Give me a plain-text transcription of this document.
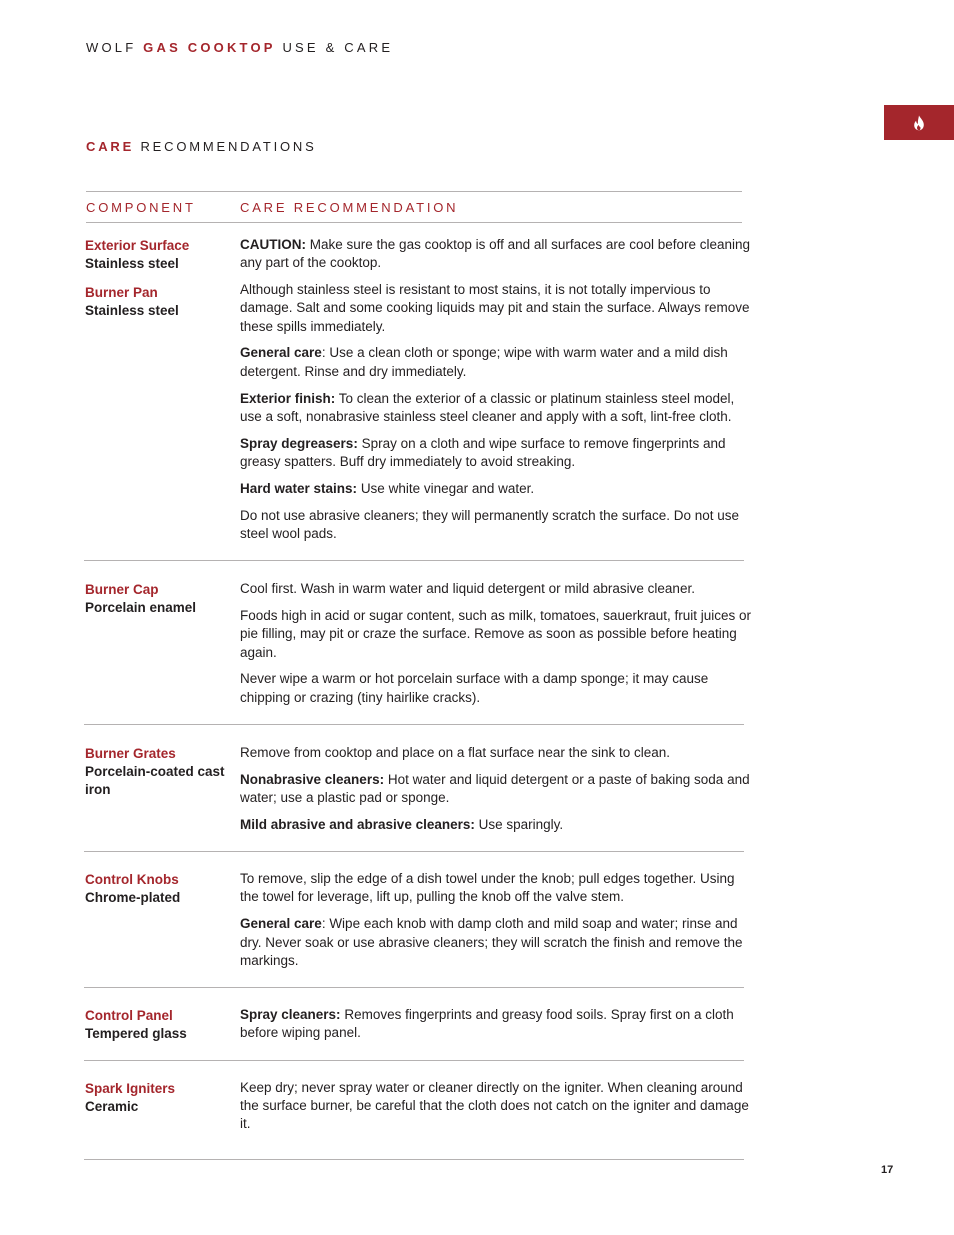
WOLF GAS COOKTOP USE & CARE
CARE RECOMMENDATIONS
COMPONENT	CARE RECOMMENDATION
Exterior Surface
Stainless steel
Burner Pan
Stainless steel

CAUTION: Make sure the gas cooktop is off and all surfaces are cool before cleaning any part of the cooktop.

Although stainless steel is resistant to most stains, it is not totally impervious to damage. Salt and some cooking liquids may pit and stain the surface. Always remove these spills immediately.

General care: Use a clean cloth or sponge; wipe with warm water and a mild dish detergent. Rinse and dry immediately.

Exterior finish: To clean the exterior of a classic or platinum stainless steel model, use a soft, nonabrasive stainless steel cleaner and apply with a soft, lint-free cloth.

Spray degreasers: Spray on a cloth and wipe surface to remove fingerprints and greasy spatters. Buff dry immediately to avoid streaking.

Hard water stains: Use white vinegar and water.

Do not use abrasive cleaners; they will permanently scratch the surface. Do not use steel wool pads.

Burner Cap
Porcelain enamel

Cool first. Wash in warm water and liquid detergent or mild abrasive cleaner.

Foods high in acid or sugar content, such as milk, tomatoes, sauerkraut, fruit juices or pie filling, may pit or craze the surface. Remove as soon as possible before heating again.

Never wipe a warm or hot porcelain surface with a damp sponge; it may cause chipping or crazing (tiny hairlike cracks).

Burner Grates
Porcelain-coated cast iron

Remove from cooktop and place on a flat surface near the sink to clean.

Nonabrasive cleaners: Hot water and liquid detergent or a paste of baking soda and water; use a plastic pad or sponge.

Mild abrasive and abrasive cleaners: Use sparingly.

Control Knobs
Chrome-plated

To remove, slip the edge of a dish towel under the knob; pull edges together. Using the towel for leverage, lift up, pulling the knob off the valve stem.

General care: Wipe each knob with damp cloth and mild soap and water; rinse and dry. Never soak or use abrasive cleaners; they will scratch the finish and remove the markings.

Control Panel
Tempered glass

Spray cleaners: Removes fingerprints and greasy food soils. Spray first on a cloth before wiping panel.

Spark Igniters
Ceramic

Keep dry; never spray water or cleaner directly on the igniter. When cleaning around the surface burner, be careful that the cloth does not catch on the igniter and damage it.

17
